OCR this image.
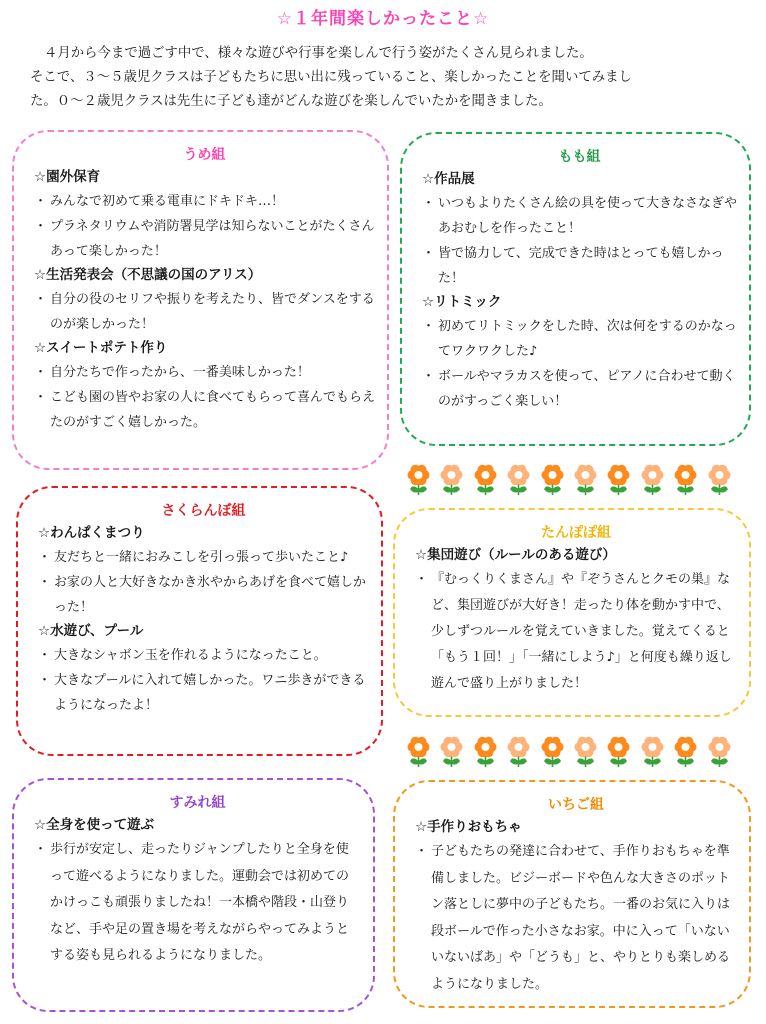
☆１年間楽しかったこと☆

４月から今まで過ごす中で、様々な遊びや行事を楽しんで行う姿がたくさん見られました。

そこで、３～５歳児クラスは子どもたちに思い出に残っていること、楽しかったことを聞いてみまし

た。０～２歳児クラスは先生に子ども達がどんな遊びを楽しんでいたかを聞きました。

うめ組
☆園外保育
・ みんなで初めて乗る電車にドキドキ…！
・ プラネタリウムや消防署見学は知らないことがたくさんあって楽しかった！
☆生活発表会（不思議の国のアリス）
・ 自分の役のセリフや振りを考えたり、皆でダンスをするのが楽しかった！
☆スイートポテト作り
・ 自分たちで作ったから、一番美味しかった！
・ こども園の皆やお家の人に食べてもらって喜んでもらえたのがすごく嬉しかった。
もも組
☆作品展
・ いつもよりたくさん絵の具を使って大きなさなぎやあおむしを作ったこと！
・ 皆で協力して、完成できた時はとっても嬉しかった！
☆リトミック
・ 初めてリトミックをした時、次は何をするのかなってワクワクした♪
・ ボールやマラカスを使って、ピアノに合わせて動くのがすっごく楽しい！
さくらんぼ組
☆わんぱくまつり
・ 友だちと一緒におみこしを引っ張って歩いたこと♪
・ お家の人と大好きなかき氷やからあげを食べて嬉しかった！
☆水遊び、プール
・ 大きなシャボン玉を作れるようになったこと。
・ 大きなプールに入れて嬉しかった。ワニ歩きができるようになったよ！
たんぽぽ組
☆集団遊び（ルールのある遊び）
・ 『むっくりくまさん』や『ぞうさんとクモの巣』など、集団遊びが大好き！走ったり体を動かす中で、少しずつルールを覚えていきました。覚えてくると「もう１回！」「一緒にしよう♪」と何度も繰り返し遊んで盛り上がりました！
すみれ組
☆全身を使って遊ぶ
・ 歩行が安定し、走ったりジャンプしたりと全身を使って遊べるようになりました。運動会では初めてのかけっこも頑張りましたね！一本橋や階段・山登りなど、手や足の置き場を考えながらやってみようとする姿も見られるようになりました。
いちご組
☆手作りおもちゃ
・ 子どもたちの発達に合わせて、手作りおもちゃを準備しました。ビジーボードや色んな大きさのポットン落としに夢中の子どもたち。一番のお気に入りは段ボールで作った小さなお家。中に入って「いないいないばあ」や「どうも」と、やりとりも楽しめるようになりました。
